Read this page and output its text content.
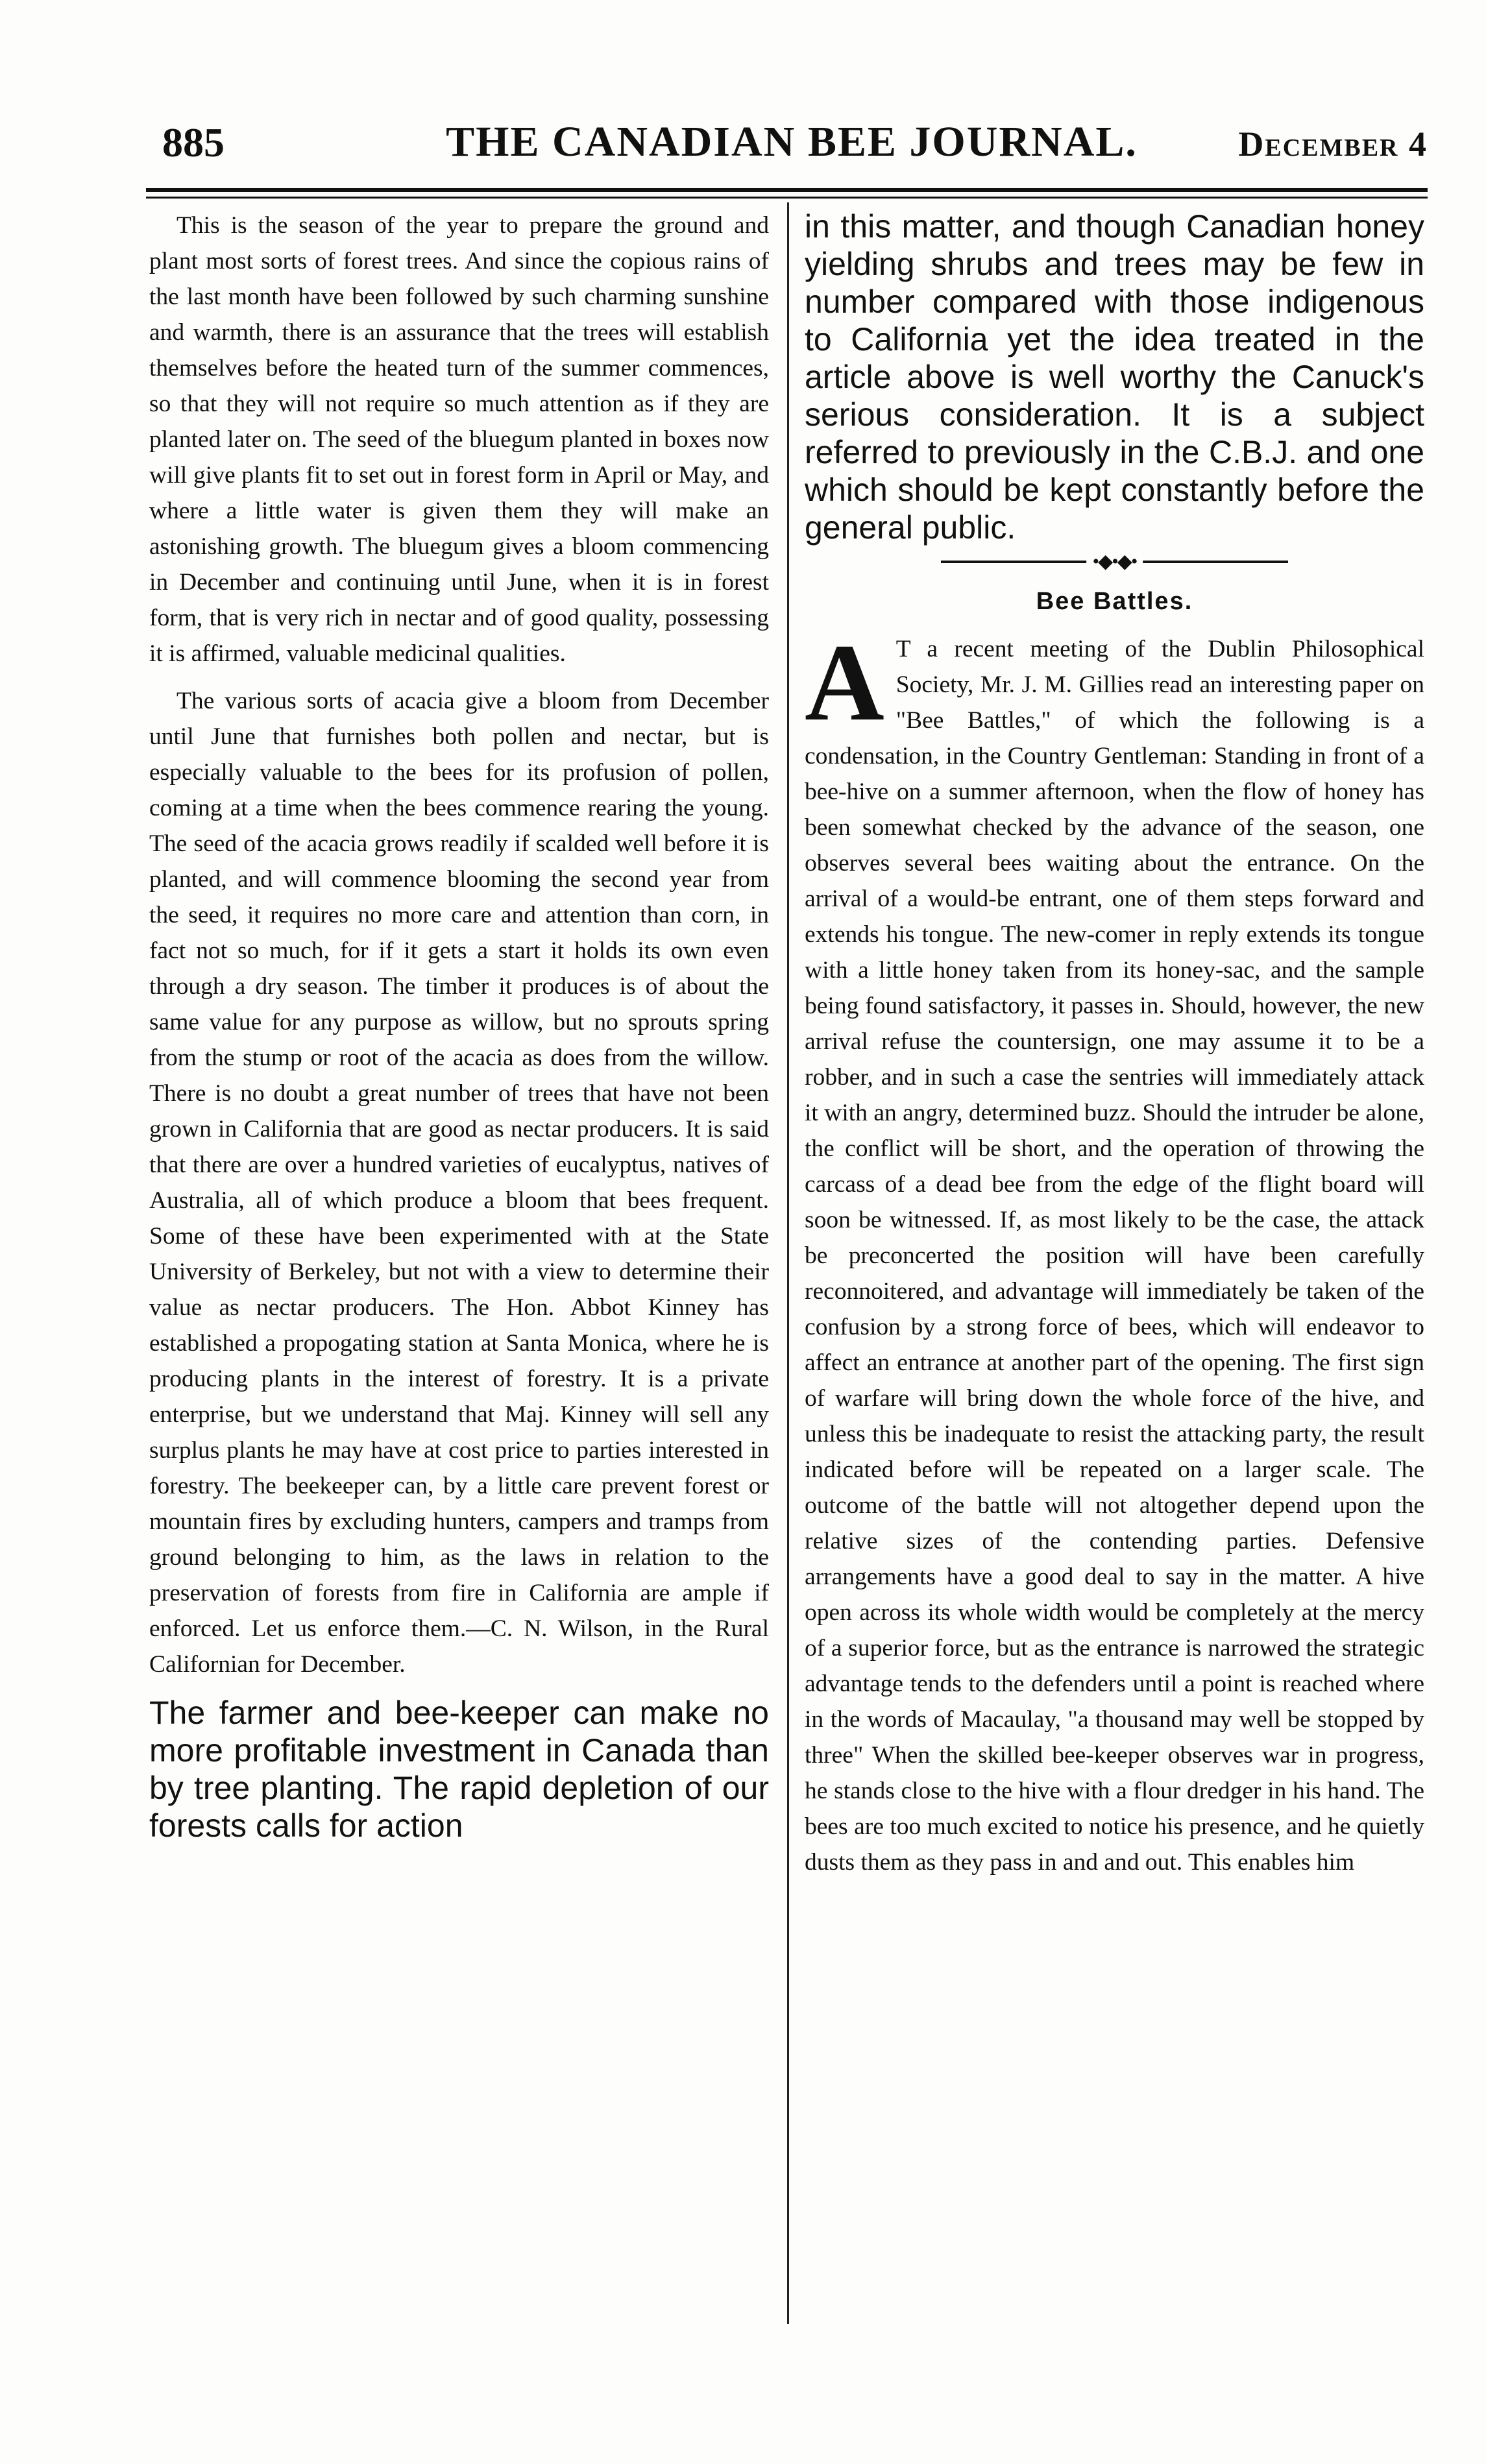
885	THE CANADIAN BEE JOURNAL.	December 4

This is the season of the year to prepare the ground and plant most sorts of forest trees. And since the copious rains of the last month have been followed by such charming sunshine and warmth, there is an assurance that the trees will establish themselves before the heated turn of the summer commences, so that they will not require so much attention as if they are planted later on. The seed of the bluegum planted in boxes now will give plants fit to set out in forest form in April or May, and where a little water is given them they will make an astonishing growth. The bluegum gives a bloom commencing in December and continuing until June, when it is in forest form, that is very rich in nectar and of good quality, possessing it is affirmed, valuable medicinal qualities.

The various sorts of acacia give a bloom from December until June that furnishes both pollen and nectar, but is especially valuable to the bees for its profusion of pollen, coming at a time when the bees commence rearing the young. The seed of the acacia grows readily if scalded well before it is planted, and will commence blooming the second year from the seed, it requires no more care and attention than corn, in fact not so much, for if it gets a start it holds its own even through a dry season. The timber it produces is of about the same value for any purpose as willow, but no sprouts spring from the stump or root of the acacia as does from the willow. There is no doubt a great number of trees that have not been grown in California that are good as nectar producers. It is said that there are over a hundred varieties of eucalyptus, natives of Australia, all of which produce a bloom that bees frequent. Some of these have been experimented with at the State University of Berkeley, but not with a view to determine their value as nectar producers. The Hon. Abbot Kinney has established a propogating station at Santa Monica, where he is producing plants in the interest of forestry. It is a private enterprise, but we understand that Maj. Kinney will sell any surplus plants he may have at cost price to parties interested in forestry. The beekeeper can, by a little care prevent forest or mountain fires by excluding hunters, campers and tramps from ground belonging to him, as the laws in relation to the preservation of forests from fire in California are ample if enforced. Let us enforce them.—C. N. Wilson, in the Rural Californian for December.

The farmer and bee-keeper can make no more profitable investment in Canada than by tree planting. The rapid depletion of our forests calls for action

in this matter, and though Canadian honey yielding shrubs and trees may be few in number compared with those indigenous to California yet the idea treated in the article above is well worthy the Canuck's serious consideration. It is a subject referred to previously in the C.B.J. and one which should be kept constantly before the general public.

•◆•◆•
Bee Battles.

A T a recent meeting of the Dublin Philosophical Society, Mr. J. M. Gillies read an interesting paper on "Bee Battles," of which the following is a condensation, in the Country Gentleman: Standing in front of a bee-hive on a summer afternoon, when the flow of honey has been somewhat checked by the advance of the season, one observes several bees waiting about the entrance. On the arrival of a would-be entrant, one of them steps forward and extends his tongue. The new-comer in reply extends its tongue with a little honey taken from its honey-sac, and the sample being found satisfactory, it passes in. Should, however, the new arrival refuse the countersign, one may assume it to be a robber, and in such a case the sentries will immediately attack it with an angry, determined buzz. Should the intruder be alone, the conflict will be short, and the operation of throwing the carcass of a dead bee from the edge of the flight board will soon be witnessed. If, as most likely to be the case, the attack be preconcerted the position will have been carefully reconnoitered, and advantage will immediately be taken of the confusion by a strong force of bees, which will endeavor to affect an entrance at another part of the opening. The first sign of warfare will bring down the whole force of the hive, and unless this be inadequate to resist the attacking party, the result indicated before will be repeated on a larger scale. The outcome of the battle will not altogether depend upon the relative sizes of the contending parties. Defensive arrangements have a good deal to say in the matter. A hive open across its whole width would be completely at the mercy of a superior force, but as the entrance is narrowed the strategic advantage tends to the defenders until a point is reached where in the words of Macaulay, "a thousand may well be stopped by three" When the skilled bee-keeper observes war in progress, he stands close to the hive with a flour dredger in his hand. The bees are too much excited to notice his presence, and he quietly dusts them as they pass in and and out. This enables him
